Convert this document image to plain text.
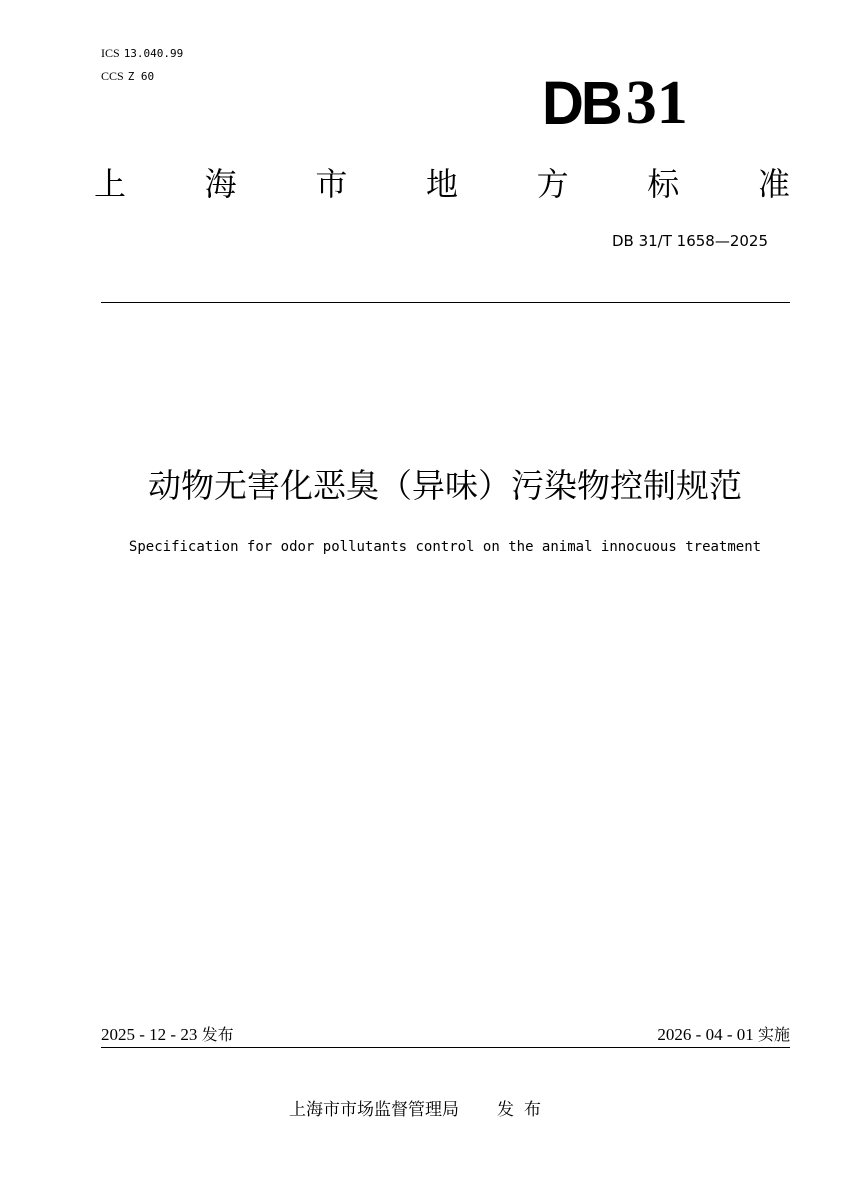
ICS 13.040.99
CCS Z 60	DB31
上 海 市 地 方 标 准
DB 31/T 1658—2025
动物无害化恶臭（异味）污染物控制规范
Specification for odor pollutants control on the animal innocuous treatment
2025 - 12 - 23 发布	2026 - 04 - 01 实施
上海市市场监督管理局 发布
